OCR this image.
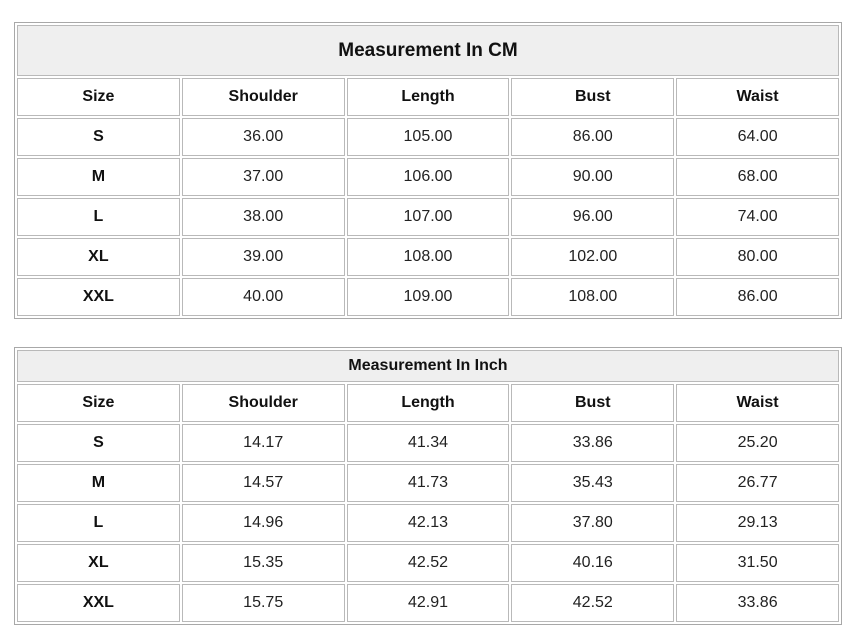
Measurement In CM				
Size	Shoulder	Length	Bust	Waist
S	36.00	105.00	86.00	64.00
M	37.00	106.00	90.00	68.00
L	38.00	107.00	96.00	74.00
XL	39.00	108.00	102.00	80.00
XXL	40.00	109.00	108.00	86.00
Measurement In Inch				
Size	Shoulder	Length	Bust	Waist
S	14.17	41.34	33.86	25.20
M	14.57	41.73	35.43	26.77
L	14.96	42.13	37.80	29.13
XL	15.35	42.52	40.16	31.50
XXL	15.75	42.91	42.52	33.86
